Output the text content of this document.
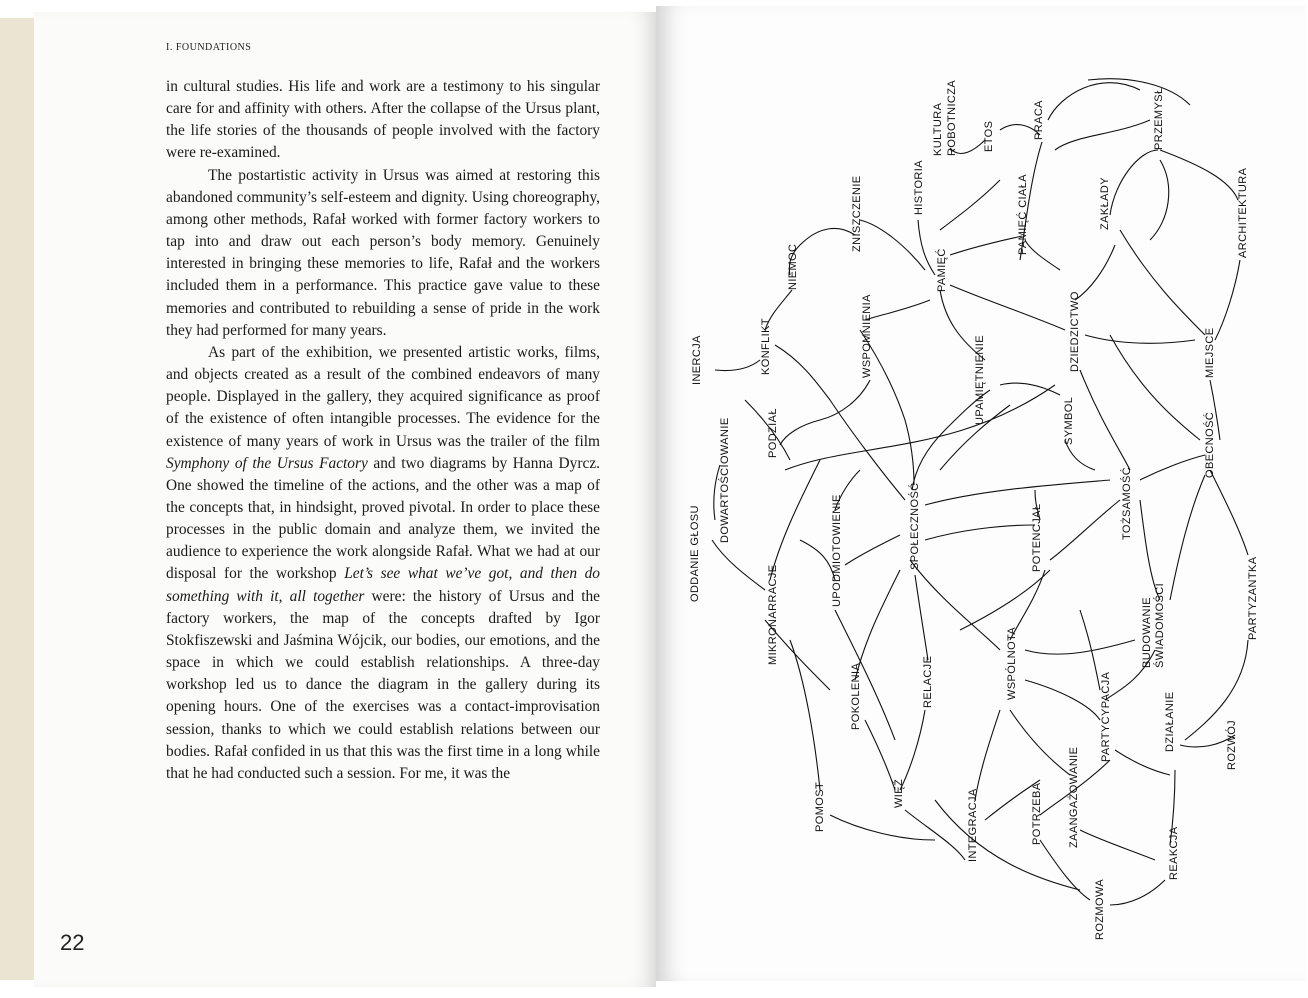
I. FOUNDATIONS

in cultural studies. His life and work are a testimony to his singular care for and affinity with others. After the collapse of the Ursus plant, the life stories of the thousands of people involved with the factory were re-examined.

The postartistic activity in Ursus was aimed at restoring this abandoned community’s self-esteem and dignity. Using choreography, among other methods, Rafał worked with former factory workers to tap into and draw out each person’s body memory. Genuinely interested in bringing these memories to life, Rafał and the workers included them in a performance. This practice gave value to these memories and contributed to rebuilding a sense of pride in the work they had performed for many years.

As part of the exhibition, we presented artistic works, films, and objects created as a result of the combined endeavors of many people. Displayed in the gallery, they acquired significance as proof of the existence of often intangible processes. The evidence for the existence of many years of work in Ursus was the trailer of the film Symphony of the Ursus Factory and two diagrams by Hanna Dyrcz. One showed the timeline of the actions, and the other was a map of the concepts that, in hindsight, proved pivotal. In order to place these processes in the public domain and analyze them, we invited the audience to experience the work alongside Rafał. What we had at our disposal for the workshop Let’s see what we’ve got, and then do something with it, all together were: the history of Ursus and the factory workers, the map of the concepts drafted by Igor Stokfiszewski and Jaśmina Wójcik, our bodies, our emotions, and the space in which we could establish relationships. A three-day workshop led us to dance the diagram in the gallery during its opening hours. One of the exercises was a contact-improvisation session, thanks to which we could establish relations between our bodies. Rafał confided in us that this was the first time in a long while that he had conducted such a session. For me, it was the

22
KULTURA ROBOTNICZA ETOS	PRACA	PRZEMYSŁ
HISTORIA	ZAKŁADY
PAMIĘĆ CIAŁA	ARCHITEKTURA
ZNISZCZENIE
NIEMOC	PAMIĘĆ
KONFLIKT	WSPOMNIENIA	DZIEDZICTWO	MIEJSCE
INERCJA	UPAMIĘTNIENIE	SYMBOL
PODZIAŁ
DOWARTOŚCIOWANIE	OBECNOŚĆ
TOŻSAMOŚĆ
SPOŁECZNOŚĆ	POTENCJAŁ
ODDANIE GŁOSU	UPODMIOTOWIENIE	PARTYZANTKA
MIKRONARRACJE	BUDOWANIE ŚWIADOMOŚCI
WSPÓLNOTA
RELACJE
POKOLENIA	PARTYCYPACJA	DZIAŁANIE	ROZWÓJ
WIĘŹ
POMOST	ZAANGAŻOWANIE
POTRZEBA
INTEGRACJA	REAKCJA
ROZMOWA
